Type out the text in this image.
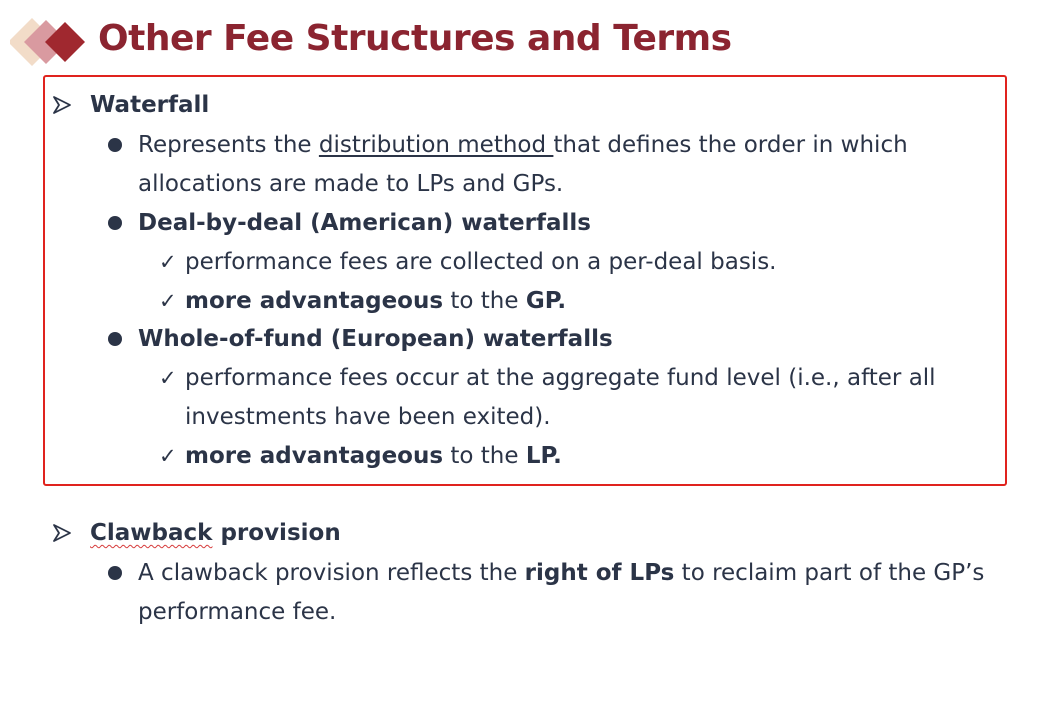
Other Fee Structures and Terms

Waterfall

Represents the distribution method that defines the order in which

allocations are made to LPs and GPs.

Deal-by-deal (American) waterfalls

✓ performance fees are collected on a per-deal basis.

✓ more advantageous to the GP.

Whole-of-fund (European) waterfalls

✓ performance fees occur at the aggregate fund level (i.e., after all

investments have been exited).

✓ more advantageous to the LP.

Clawback provision

A clawback provision reflects the right of LPs to reclaim part of the GP’s

performance fee.
